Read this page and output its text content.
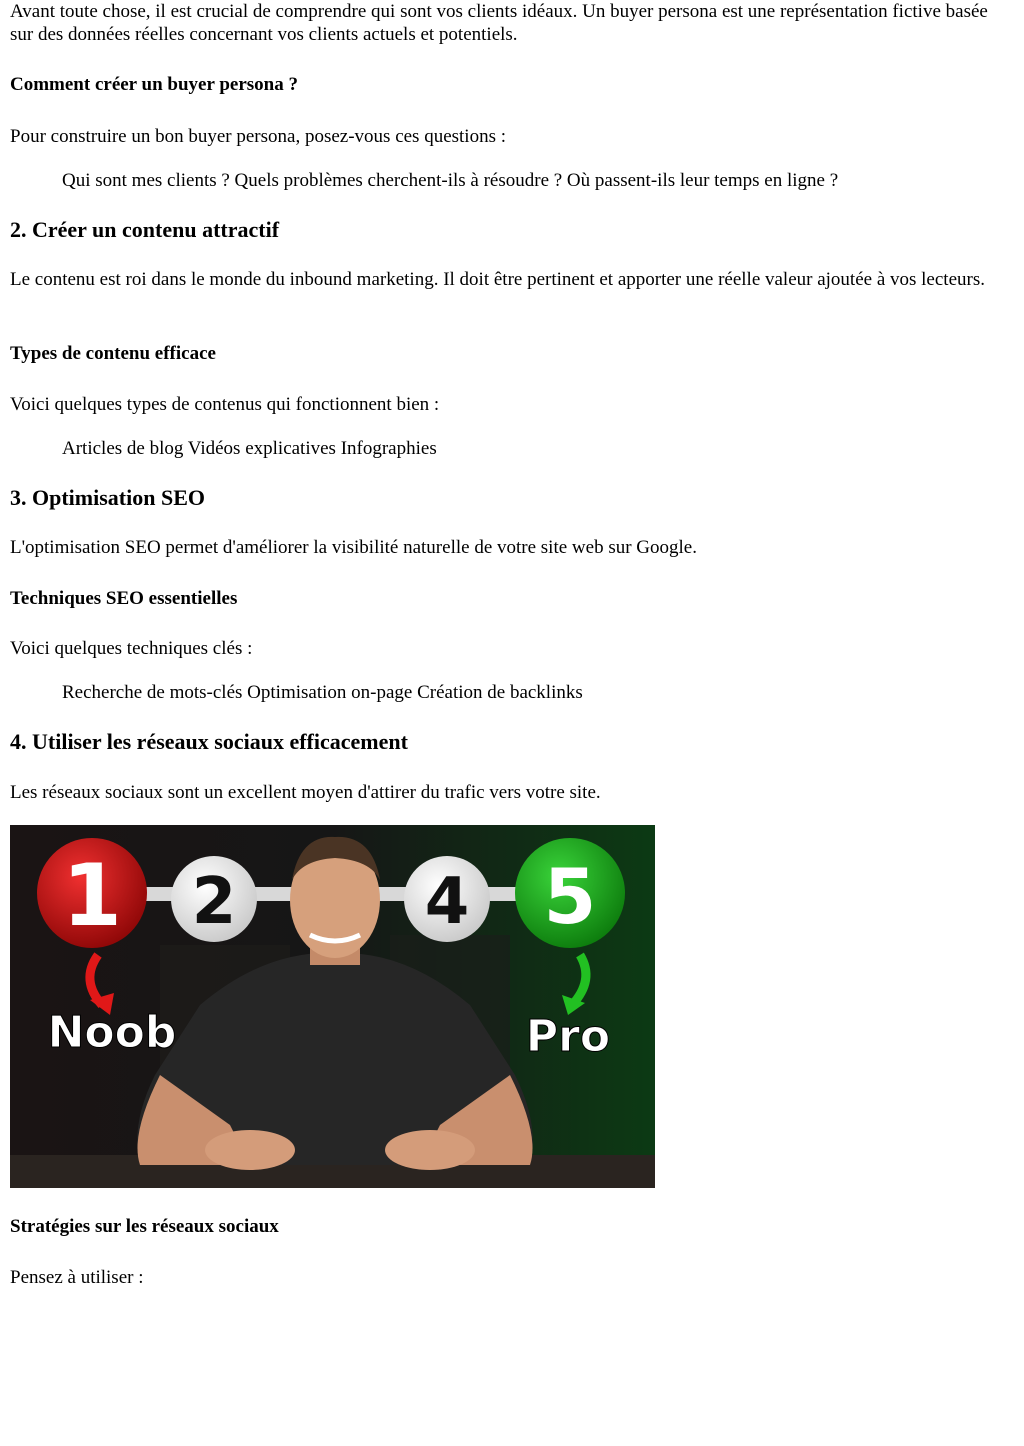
Avant toute chose, il est crucial de comprendre qui sont vos clients idéaux. Un buyer persona est une représentation fictive basée sur des données réelles concernant vos clients actuels et potentiels.

Comment créer un buyer persona ?

Pour construire un bon buyer persona, posez-vous ces questions :

Qui sont mes clients ? Quels problèmes cherchent-ils à résoudre ? Où passent-ils leur temps en ligne ?

2. Créer un contenu attractif

Le contenu est roi dans le monde du inbound marketing. Il doit être pertinent et apporter une réelle valeur ajoutée à vos lecteurs.

Types de contenu efficace

Voici quelques types de contenus qui fonctionnent bien :

Articles de blog Vidéos explicatives Infographies

3. Optimisation SEO

L'optimisation SEO permet d'améliorer la visibilité naturelle de votre site web sur Google.

Techniques SEO essentielles

Voici quelques techniques clés :

Recherche de mots-clés Optimisation on-page Création de backlinks

4. Utiliser les réseaux sociaux efficacement

Les réseaux sociaux sont un excellent moyen d'attirer du trafic vers votre site.

1 2	4 5
Noob	Pro
Stratégies sur les réseaux sociaux

Pensez à utiliser :
